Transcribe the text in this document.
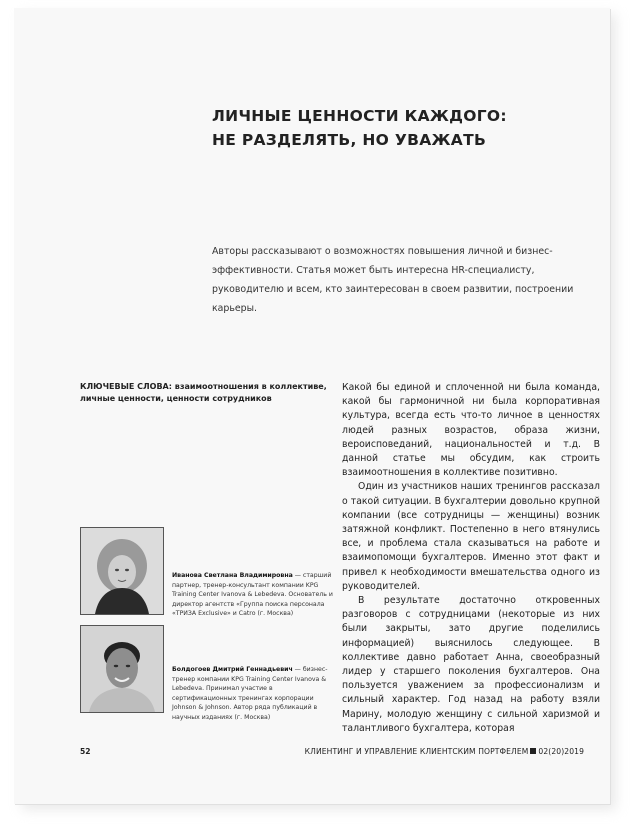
ЛИЧНЫЕ ЦЕННОСТИ КАЖДОГО:
НЕ РАЗДЕЛЯТЬ, НО УВАЖАТЬ

Авторы рассказывают о возможностях повышения личной и бизнес-эффективности. Статья может быть интересна HR-специалисту, руководителю и всем, кто заинтересован в своем развитии, построении карьеры.

КЛЮЧЕВЫЕ СЛОВА: взаимоотношения в коллективе, личные ценности, ценности сотрудников

Иванова Светлана Владимировна — старший партнер, тренер-консультант компании KPG Training Center Ivanova & Lebedeva. Основатель и директор агентств «Группа поиска персонала «ТРИЗА Exclusive» и Catro (г. Москва)

Болдогоев Дмитрий Геннадьевич — бизнес-тренер компании KPG Training Center Ivanova & Lebedeva. Принимал участие в сертификационных тренингах корпорации Johnson & Johnson. Автор ряда публикаций в научных изданиях (г. Москва)

Какой бы единой и сплоченной ни была команда, какой бы гармоничной ни была корпоративная культура, всегда есть что-то личное в ценностях людей разных возрастов, образа жизни, вероисповеданий, национальностей и т.д. В данной статье мы обсудим, как строить взаимоотношения в коллективе позитивно.

Один из участников наших тренингов рассказал о такой ситуации. В бухгалтерии довольно крупной компании (все сотрудницы — женщины) возник затяжной конфликт. Постепенно в него втянулись все, и проблема стала сказываться на работе и взаимопомощи бухгалтеров. Именно этот факт и привел к необходимости вмешательства одного из руководителей.

В результате достаточно откровенных разговоров с сотрудницами (некоторые из них были закрыты, зато другие поделились информацией) выяснилось следующее. В коллективе давно работает Анна, своеобразный лидер у старшего поколения бухгалтеров. Она пользуется уважением за профессионализм и сильный характер. Год назад на работу взяли Марину, молодую женщину с сильной харизмой и талантливого бухгалтера, которая

52	КЛИЕНТИНГ И УПРАВЛЕНИЕ КЛИЕНТСКИМ ПОРТФЕЛЕМ 02(20)2019
